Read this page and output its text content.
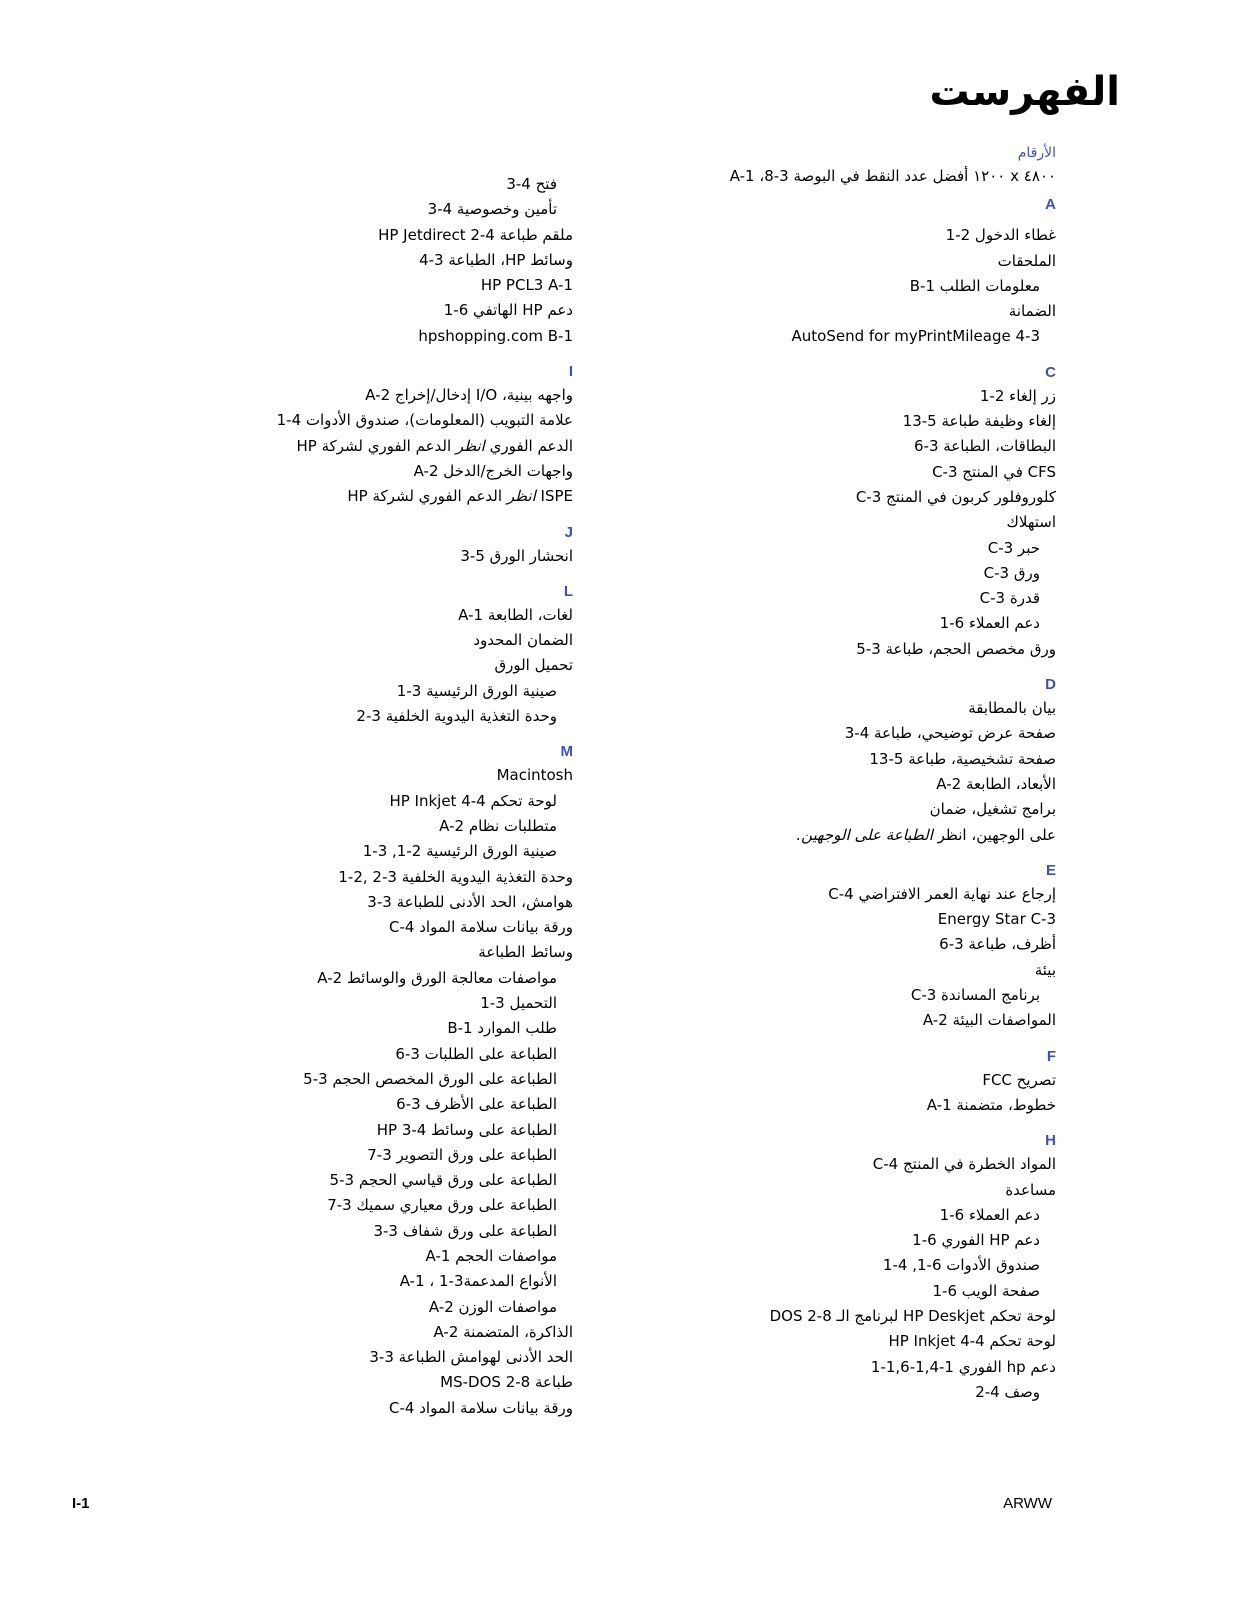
الفهرست
الأرقام
٤٨٠٠ x ١٢٠٠ أفضل عدد النقط في البوصة 3-8، A-1
A
غطاء الدخول 2-1
الملحقات
معلومات الطلب B-1
الضمانة
AutoSend for myPrintMileage 4-3
C
زر إلغاء 2-1
إلغاء وظيفة طباعة 5-13
البطاقات، الطباعة 3-6
CFS في المنتج C-3
كلوروفلور كربون في المنتج C-3
استهلاك
حبر C-3
ورق C-3
قدرة C-3
دعم العملاء 6-1
ورق مخصص الحجم، طباعة 3-5
D
بيان بالمطابقة
صفحة عرض توضيحي، طباعة 4-3
صفحة تشخيصية، طباعة 5-13
الأبعاد، الطابعة A-2
برامج تشغيل، ضمان
على الوجهين، انظر الطباعة على الوجهين.
E
إرجاع عند نهاية العمر الافتراضي C-4
Energy Star C-3
أظرف، طباعة 3-6
بيئة
برنامج المساندة C-3
المواصفات البيئة A-2
F
تصريح FCC
خطوط، متضمنة A-1
H
المواد الخطرة في المنتج C-4
مساعدة
دعم العملاء 6-1
دعم HP الفوري 6-1
صندوق الأدوات 6-1, 4-1
صفحة الويب 6-1
لوحة تحكم HP Deskjet لبرنامج الـ DOS 2-8
لوحة تحكم HP Inkjet 4-4
دعم hp الفوري 1-1,4-1,6-1
وصف 4-2
فتح 4-3
تأمين وخصوصية 4-3
ملقم طباعة HP Jetdirect 2-4
وسائط HP، الطباعة 3-4
HP PCL3 A-1
دعم HP الهاتفي 6-1
hpshopping.com B-1
I
واجهه بينية، I/O إدخال/إخراج A-2
علامة التبويب (المعلومات)، صندوق الأدوات 4-1
الدعم الفوري انظر الدعم الفوري لشركة HP
واجهات الخرج/الدخل A-2
ISPE انظر الدعم الفوري لشركة HP
J
انحشار الورق 5-3
L
لغات، الطابعة A-1
الضمان المحدود
تحميل الورق
صينية الورق الرئيسية 3-1
وحدة التغذية اليدوية الخلفية 3-2
M
Macintosh
لوحة تحكم HP Inkjet 4-4
متطلبات نظام A-2
صينية الورق الرئيسية 2-1, 3-1
وحدة التغذية اليدوية الخلفية 3-2 ,2-1
هوامش، الحد الأدنى للطباعة 3-3
ورقة بيانات سلامة المواد C-4
وسائط الطباعة
مواصفات معالجة الورق والوسائط A-2
التحميل 3-1
طلب الموارد B-1
الطباعة على الطلبات 3-6
الطباعة على الورق المخصص الحجم 3-5
الطباعة على الأظرف 3-6
الطباعة على وسائط HP 3-4
الطباعة على ورق التصوير 3-7
الطباعة على ورق قياسي الحجم 3-5
الطباعة على ورق معياري سميك 3-7
الطباعة على ورق شفاف 3-3
مواصفات الحجم A-1
الأنواع المدعمة3-1 ، A-1
مواصفات الوزن A-2
الذاكرة، المتضمنة A-2
الحد الأدنى لهوامش الطباعة 3-3
طباعة MS-DOS 2-8
ورقة بيانات سلامة المواد C-4
I-1	ARWW
